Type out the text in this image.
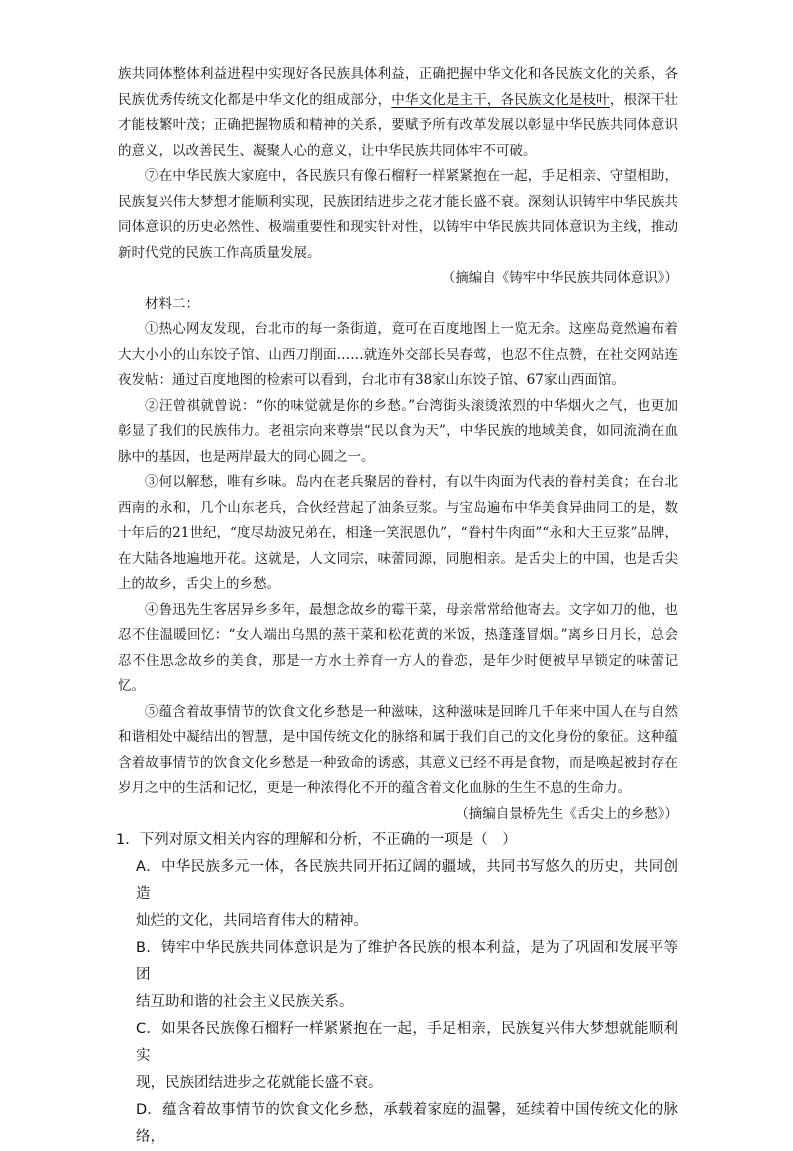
族共同体整体利益进程中实现好各民族具体利益，正确把握中华文化和各民族文化的关系，各民族优秀传统文化都是中华文化的组成部分，中华文化是主干，各民族文化是枝叶，根深干壮才能枝繁叶茂；正确把握物质和精神的关系，要赋予所有改革发展以彰显中华民族共同体意识的意义，以改善民生、凝聚人心的意义，让中华民族共同体牢不可破。

⑦在中华民族大家庭中，各民族只有像石榴籽一样紧紧抱在一起，手足相亲、守望相助，民族复兴伟大梦想才能顺利实现，民族团结进步之花才能长盛不衰。深刻认识铸牢中华民族共同体意识的历史必然性、极端重要性和现实针对性，以铸牢中华民族共同体意识为主线，推动新时代党的民族工作高质量发展。

（摘编自《铸牢中华民族共同体意识》）

材料二：

①热心网友发现，台北市的每一条街道，竟可在百度地图上一览无余。这座岛竟然遍布着大大小小的山东饺子馆、山西刀削面……就连外交部长吴春莺，也忍不住点赞，在社交网站连夜发帖：通过百度地图的检索可以看到，台北市有38家山东饺子馆、67家山西面馆。

②汪曾祺就曾说：“你的味觉就是你的乡愁。”台湾街头滚烫浓烈的中华烟火之气，也更加彰显了我们的民族伟力。老祖宗向来尊崇“民以食为天”，中华民族的地域美食，如同流淌在血脉中的基因，也是两岸最大的同心圆之一。

③何以解愁，唯有乡味。岛内在老兵聚居的眷村，有以牛肉面为代表的眷村美食；在台北西南的永和，几个山东老兵，合伙经营起了油条豆浆。与宝岛遍布中华美食异曲同工的是，数十年后的21世纪，“度尽劫波兄弟在，相逢一笑泯恩仇”，“眷村牛肉面”“永和大王豆浆”品牌，在大陆各地遍地开花。这就是，人文同宗，味蕾同源，同胞相亲。是舌尖上的中国，也是舌尖上的故乡，舌尖上的乡愁。

④鲁迅先生客居异乡多年，最想念故乡的霉干菜，母亲常常给他寄去。文字如刀的他，也忍不住温暖回忆：“女人端出乌黑的蒸干菜和松花黄的米饭，热蓬蓬冒烟。”离乡日月长，总会忍不住思念故乡的美食，那是一方水土养育一方人的眷恋，是年少时便被早早锁定的味蕾记忆。

⑤蕴含着故事情节的饮食文化乡愁是一种滋味，这种滋味是回眸几千年来中国人在与自然和谐相处中凝结出的智慧，是中国传统文化的脉络和属于我们自己的文化身份的象征。这种蕴含着故事情节的饮食文化乡愁是一种致命的诱惑，其意义已经不再是食物，而是唤起被封存在岁月之中的生活和记忆，更是一种浓得化不开的蕴含着文化血脉的生生不息的生命力。

（摘编自景桥先生《舌尖上的乡愁》）

1．下列对原文相关内容的理解和分析，不正确的一项是（　）
A．中华民族多元一体，各民族共同开拓辽阔的疆域，共同书写悠久的历史，共同创造
灿烂的文化，共同培育伟大的精神。
B．铸牢中华民族共同体意识是为了维护各民族的根本利益，是为了巩固和发展平等团
结互助和谐的社会主义民族关系。
C．如果各民族像石榴籽一样紧紧抱在一起，手足相亲，民族复兴伟大梦想就能顺利实
现，民族团结进步之花就能长盛不衰。
D．蕴含着故事情节的饮食文化乡愁，承载着家庭的温馨，延续着中国传统文化的脉络，
